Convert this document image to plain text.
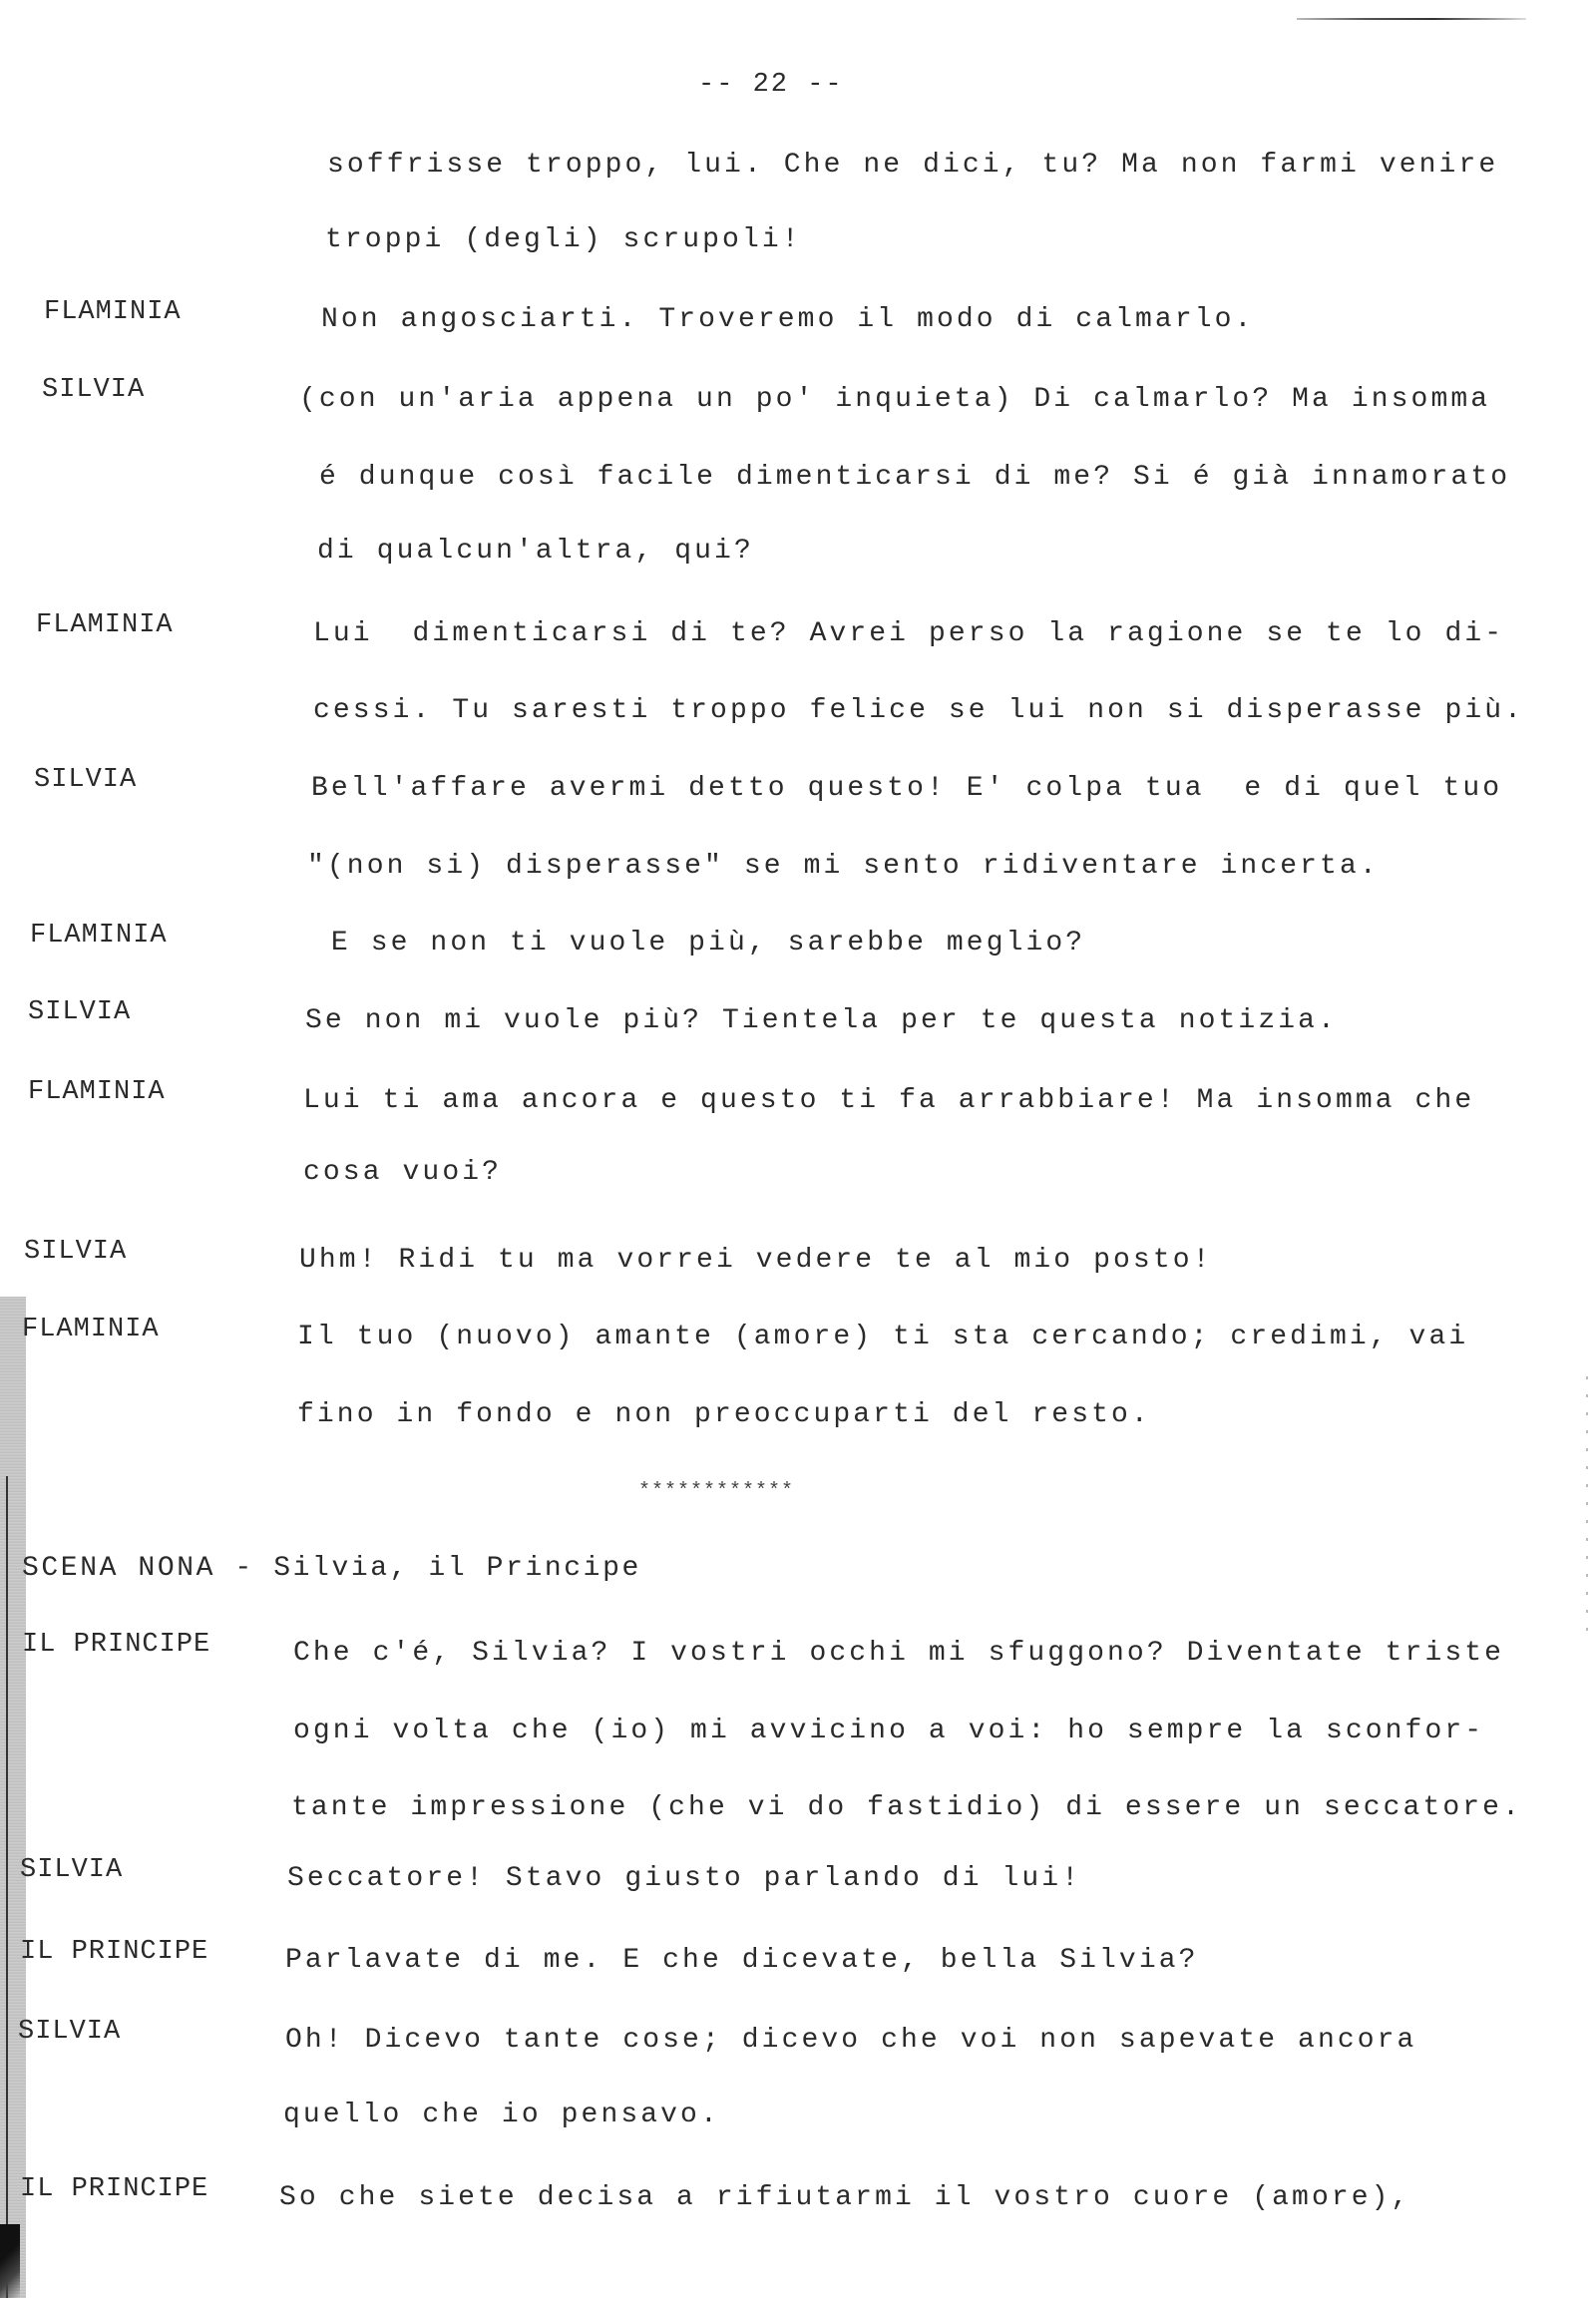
-- 22 --
soffrisse troppo, lui. Che ne dici, tu? Ma non farmi venire
troppi (degli) scrupoli!
FLAMINIA	Non angosciarti. Troveremo il modo di calmarlo.
SILVIA	(con un'aria appena un po' inquieta) Di calmarlo? Ma insomma
é dunque così facile dimenticarsi di me? Si é già innamorato
di qualcun'altra, qui?
FLAMINIA	Lui  dimenticarsi di te? Avrei perso la ragione se te lo di-
cessi. Tu saresti troppo felice se lui non si disperasse più.
SILVIA	Bell'affare avermi detto questo! E' colpa tua  e di quel tuo
"(non si) disperasse" se mi sento ridiventare incerta.
FLAMINIA	E se non ti vuole più, sarebbe meglio?
SILVIA	Se non mi vuole più? Tientela per te questa notizia.
FLAMINIA	Lui ti ama ancora e questo ti fa arrabbiare! Ma insomma che
cosa vuoi?
SILVIA	Uhm! Ridi tu ma vorrei vedere te al mio posto!
FLAMINIA	Il tuo (nuovo) amante (amore) ti sta cercando; credimi, vai
fino in fondo e non preoccuparti del resto.
************
SCENA NONA - Silvia, il Principe
IL PRINCIPE	Che c'é, Silvia? I vostri occhi mi sfuggono? Diventate triste
ogni volta che (io) mi avvicino a voi: ho sempre la sconfor-
tante impressione (che vi do fastidio) di essere un seccatore.
SILVIA	Seccatore! Stavo giusto parlando di lui!
IL PRINCIPE	Parlavate di me. E che dicevate, bella Silvia?
SILVIA	Oh! Dicevo tante cose; dicevo che voi non sapevate ancora
quello che io pensavo.
IL PRINCIPE	So che siete decisa a rifiutarmi il vostro cuore (amore),
